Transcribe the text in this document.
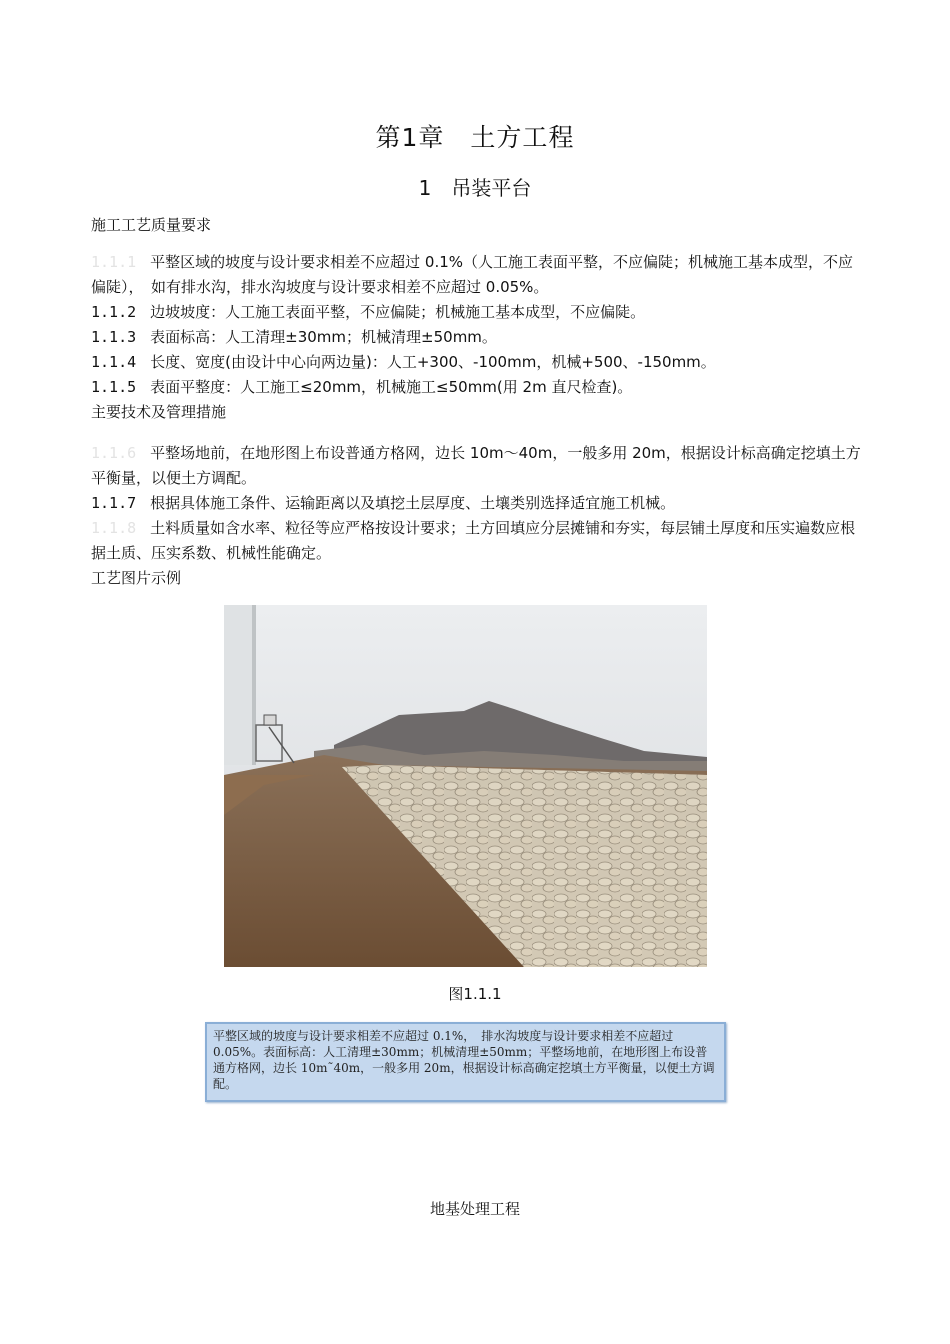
第1章　土方工程
1　吊装平台
施工工艺质量要求
1.1.1 平整区域的坡度与设计要求相差不应超过 0.1%（人工施工表面平整，不应偏陡；机械施工基本成型，不应偏陡），　如有排水沟，排水沟坡度与设计要求相差不应超过 0.05%。
1.1.2 边坡坡度：人工施工表面平整，不应偏陡；机械施工基本成型，不应偏陡。
1.1.3 表面标高：人工清理±30mm；机械清理±50mm。
1.1.4 长度、宽度(由设计中心向两边量)：人工+300、-100mm，机械+500、-150mm。
1.1.5 表面平整度：人工施工≤20mm，机械施工≤50mm(用 2m 直尺检查)。
主要技术及管理措施
1.1.6 平整场地前，在地形图上布设普通方格网，边长 10m～40m，一般多用 20m，根据设计标高确定挖填土方平衡量，以便土方调配。
1.1.7 根据具体施工条件、运输距离以及填挖土层厚度、土壤类别选择适宜施工机械。
1.1.8 土料质量如含水率、粒径等应严格按设计要求；土方回填应分层摊铺和夯实，每层铺土厚度和压实遍数应根据土质、压实系数、机械性能确定。
工艺图片示例
图1.1.1
平整区域的坡度与设计要求相差不应超过 0.1%，　排水沟坡度与设计要求相差不应超过 0.05%。表面标高：人工清理±30mm；机械清理±50mm；平整场地前，在地形图上布设普通方格网，边长 10m˜40m，一般多用 20m，根据设计标高确定挖填土方平衡量，以便土方调配。
地基处理工程
